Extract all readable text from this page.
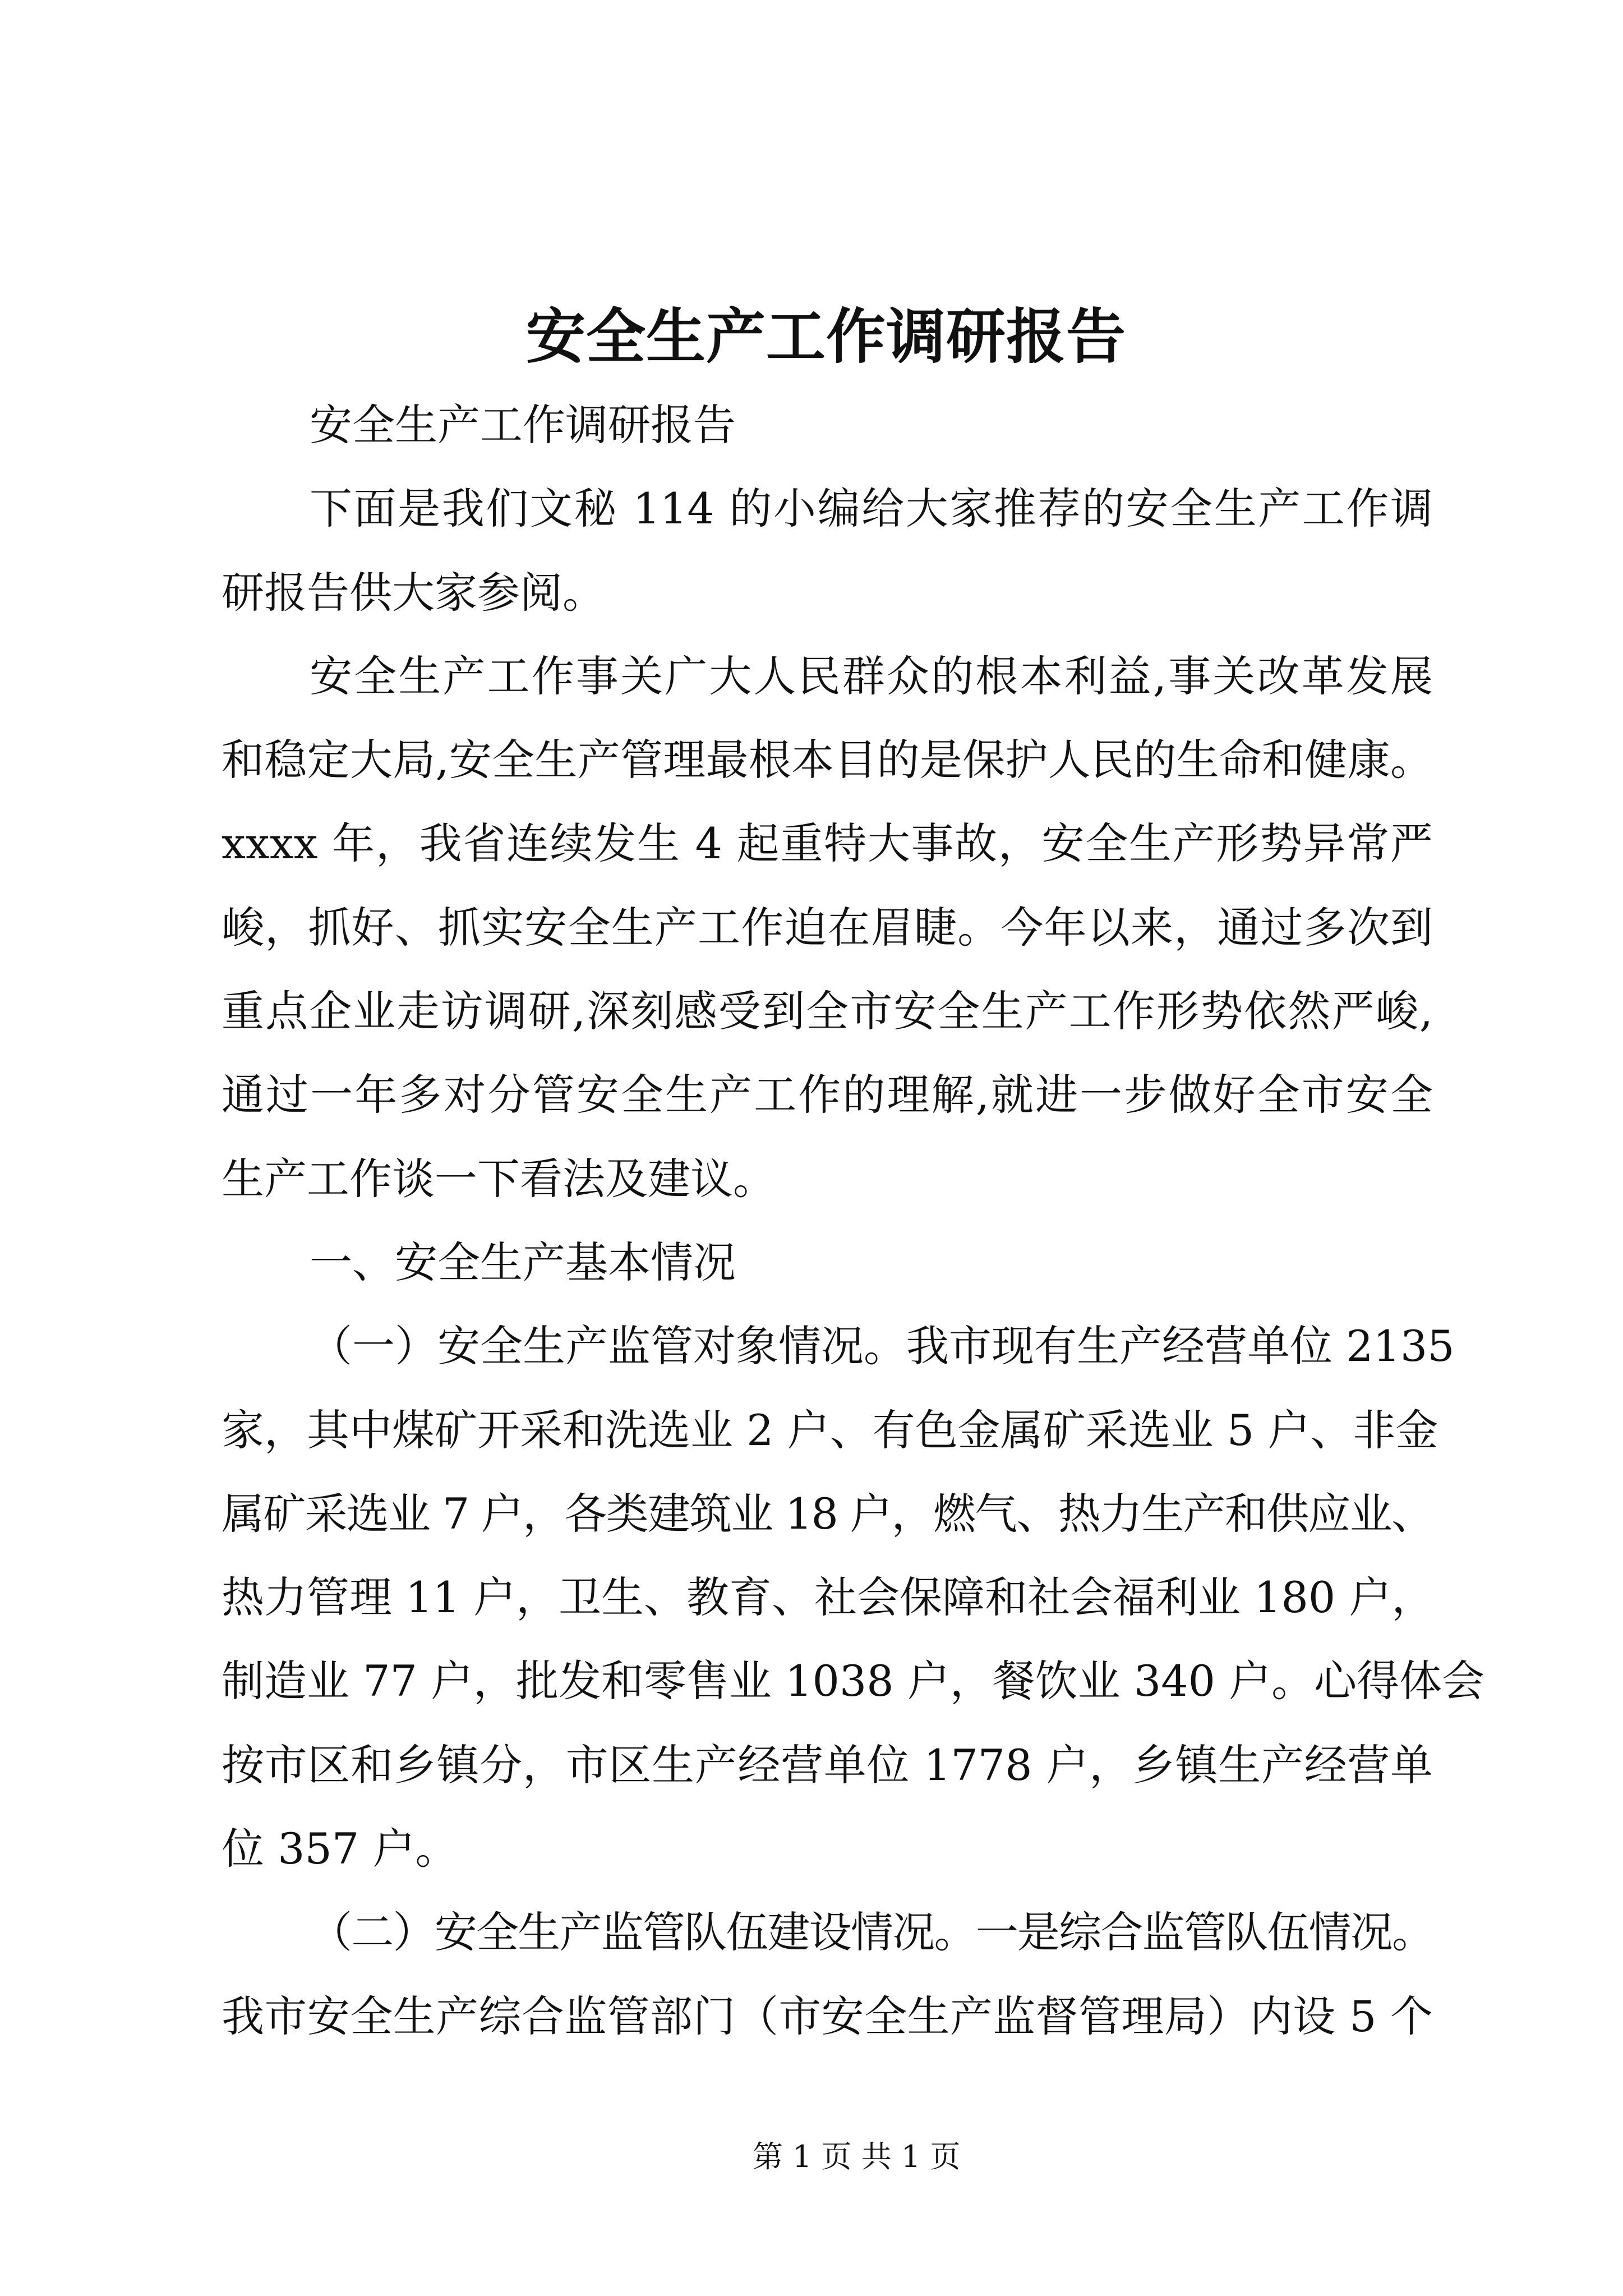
安全生产工作调研报告
安全生产工作调研报告
下面是我们文秘 114 的小编给大家推荐的安全生产工作调
研报告供大家参阅。
安全生产工作事关广大人民群众的根本利益,事关改革发展
和稳定大局,安全生产管理最根本目的是保护人民的生命和健康。
xxxx 年，我省连续发生 4 起重特大事故，安全生产形势异常严
峻，抓好、抓实安全生产工作迫在眉睫。今年以来，通过多次到
重点企业走访调研,深刻感受到全市安全生产工作形势依然严峻,
通过一年多对分管安全生产工作的理解,就进一步做好全市安全
生产工作谈一下看法及建议。
一、安全生产基本情况
（一）安全生产监管对象情况。我市现有生产经营单位 2135
家，其中煤矿开采和洗选业 2 户、有色金属矿采选业 5 户、非金
属矿采选业 7 户，各类建筑业 18 户，燃气、热力生产和供应业、
热力管理 11 户，卫生、教育、社会保障和社会福利业 180 户，
制造业 77 户，批发和零售业 1038 户，餐饮业 340 户。心得体会
按市区和乡镇分，市区生产经营单位 1778 户，乡镇生产经营单
位 357 户。
（二）安全生产监管队伍建设情况。一是综合监管队伍情况。
我市安全生产综合监管部门（市安全生产监督管理局）内设 5 个
第 1 页 共 1 页
